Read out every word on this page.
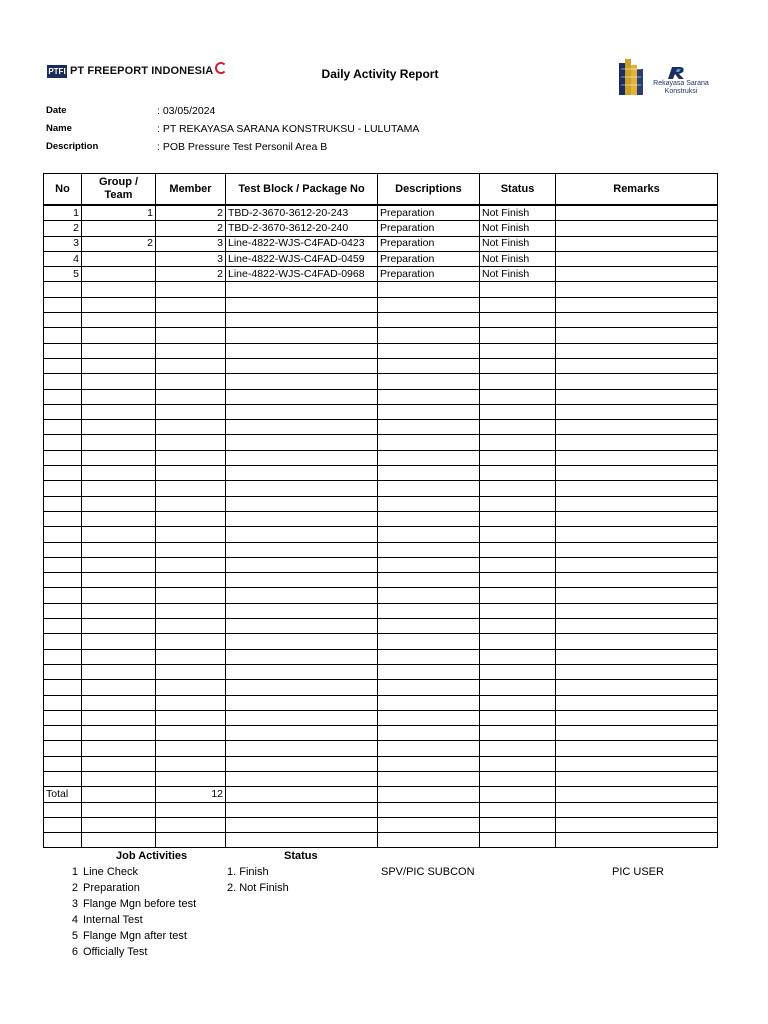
PTFI PT FREEPORT INDONESIA	Daily Activity Report
Rekayasa Sarana Konstruksi
Date	: 03/05/2024
Name	: PT REKAYASA SARANA KONSTRUKSU - LULUTAMA
Description	: POB Pressure Test Personil Area B
No	Group / Team	Member	Test Block / Package No	Descriptions	Status	Remarks
1	1	2	TBD-2-3670-3612-20-243	Preparation	Not Finish	
2		2	TBD-2-3670-3612-20-240	Preparation	Not Finish	
3	2	3	Line-4822-WJS-C4FAD-0423	Preparation	Not Finish	
4		3	Line-4822-WJS-C4FAD-0459	Preparation	Not Finish	
5		2	Line-4822-WJS-C4FAD-0968	Preparation	Not Finish	

Total		12				

Job Activities	Status
1 Line Check
2 Preparation
3 Flange Mgn before test
4 Internal Test
5 Flange Mgn after test
6 Officially Test
1. Finish
2. Not Finish
SPV/PIC SUBCON	PIC USER
